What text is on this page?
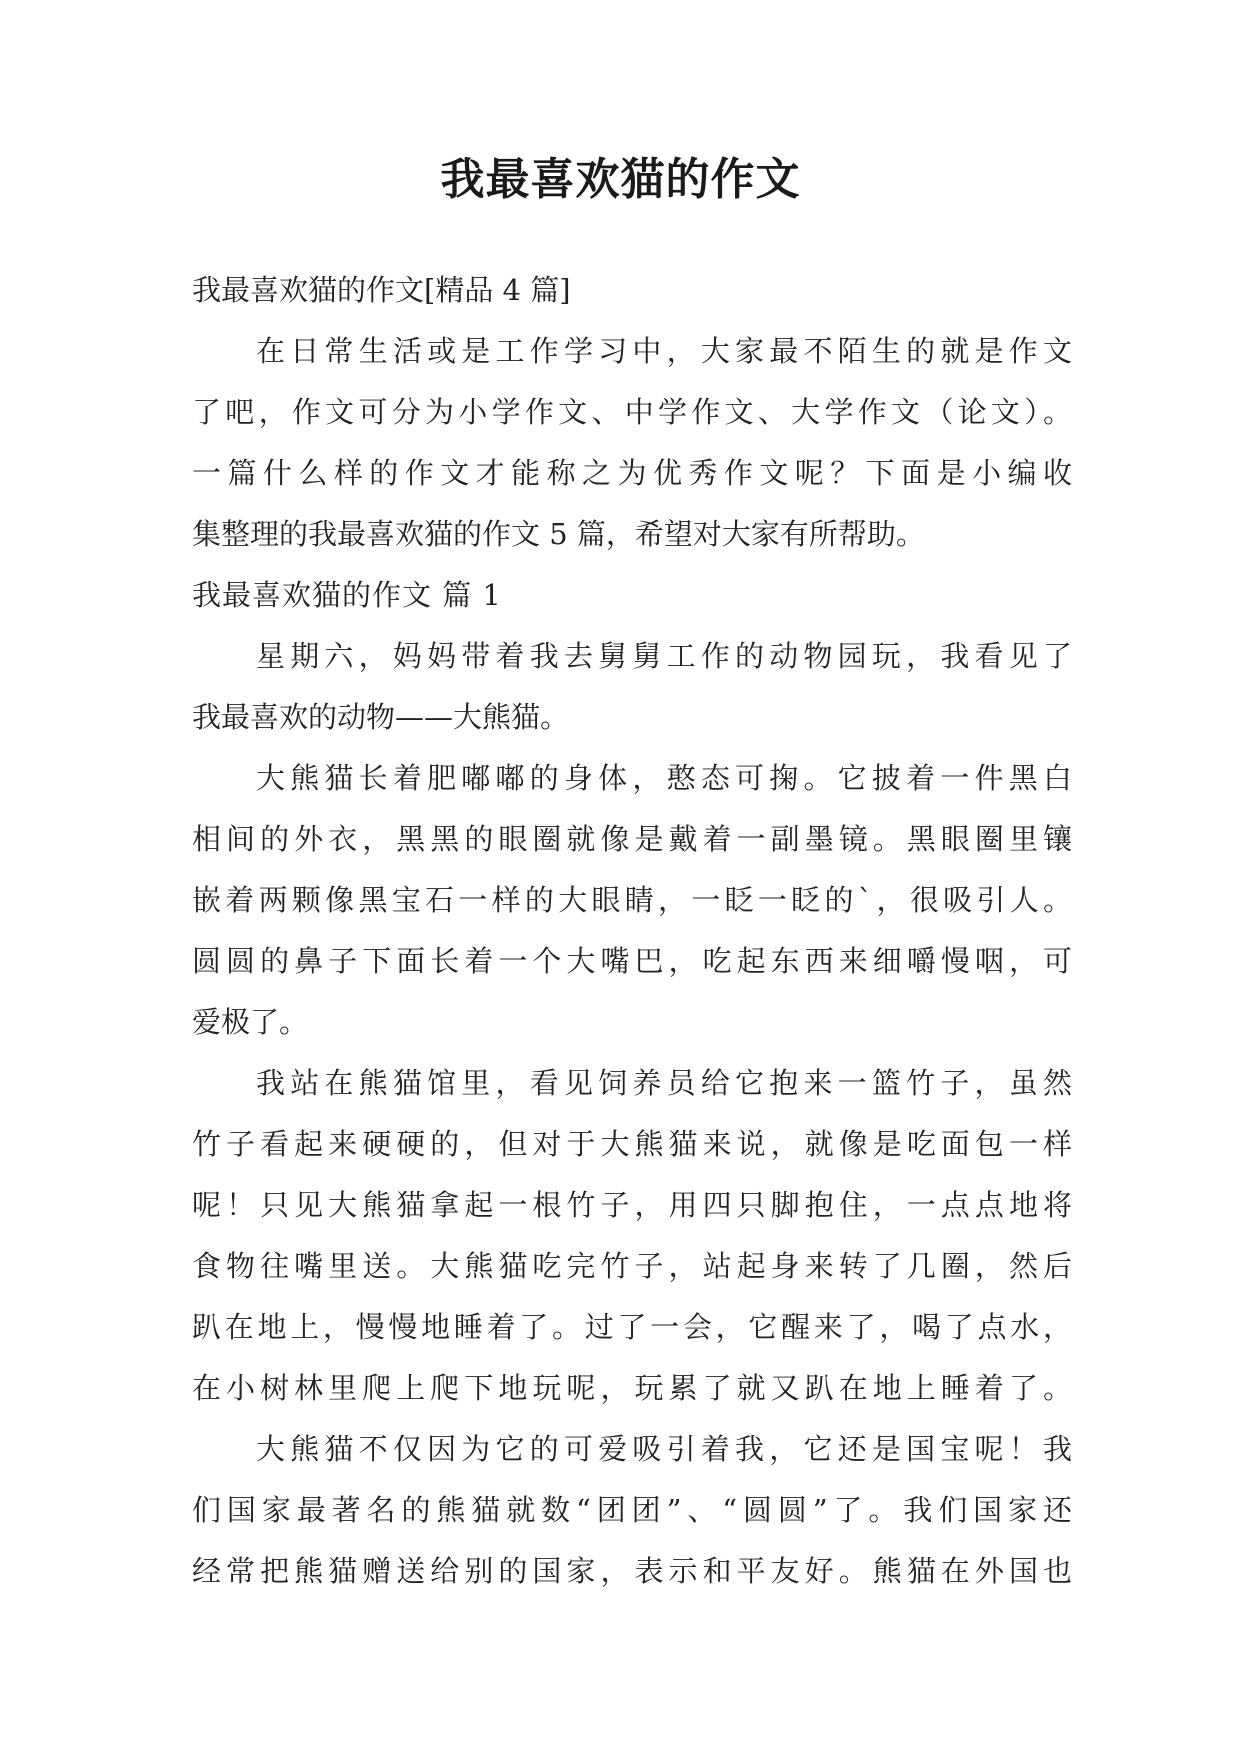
我最喜欢猫的作文
我最喜欢猫的作文[精品 4 篇]
在日常生活或是工作学习中，大家最不陌生的就是作文
了吧，作文可分为小学作文、中学作文、大学作文（论文）。
一篇什么样的作文才能称之为优秀作文呢？下面是小编收
集整理的我最喜欢猫的作文 5 篇，希望对大家有所帮助。
我最喜欢猫的作文 篇 1
星期六，妈妈带着我去舅舅工作的动物园玩，我看见了
我最喜欢的动物——大熊猫。
大熊猫长着肥嘟嘟的身体，憨态可掬。它披着一件黑白
相间的外衣，黑黑的眼圈就像是戴着一副墨镜。黑眼圈里镶
嵌着两颗像黑宝石一样的大眼睛，一眨一眨的`，很吸引人。
圆圆的鼻子下面长着一个大嘴巴，吃起东西来细嚼慢咽，可
爱极了。
我站在熊猫馆里，看见饲养员给它抱来一篮竹子，虽然
竹子看起来硬硬的，但对于大熊猫来说，就像是吃面包一样
呢！只见大熊猫拿起一根竹子，用四只脚抱住，一点点地将
食物往嘴里送。大熊猫吃完竹子，站起身来转了几圈，然后
趴在地上，慢慢地睡着了。过了一会，它醒来了，喝了点水，
在小树林里爬上爬下地玩呢，玩累了就又趴在地上睡着了。
大熊猫不仅因为它的可爱吸引着我，它还是国宝呢！我
们国家最著名的熊猫就数“团团”、“圆圆”了。我们国家还
经常把熊猫赠送给别的国家，表示和平友好。熊猫在外国也
